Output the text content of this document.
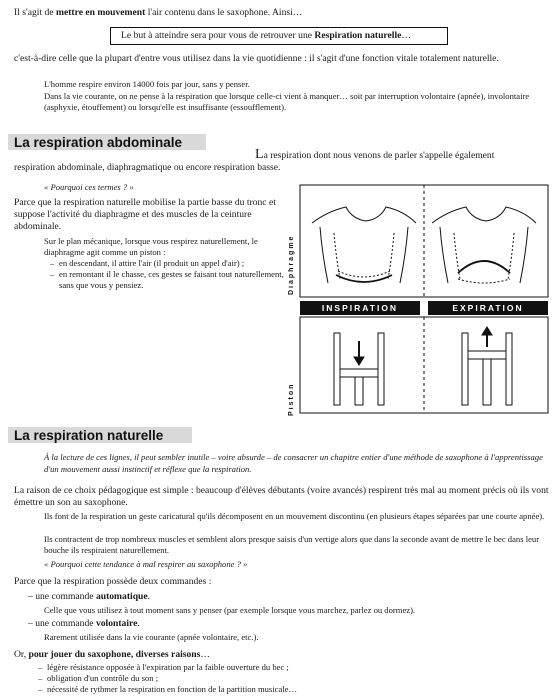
Il s'agit de mettre en mouvement l'air contenu dans le saxophone. Ainsi…
Le but à atteindre sera pour vous de retrouver une Respiration naturelle…
c'est-à-dire celle que la plupart d'entre vous utilisez dans la vie quotidienne : il s'agit d'une fonction vitale totalement naturelle.
L'homme respire environ 14000 fois par jour, sans y penser.
Dans la vie courante, on ne pense à la respiration que lorsque celle-ci vient à manquer… soit par interruption volontaire (apnée), involontaire (asphyxie, étouffement) ou lorsqu'elle est insuffisante (essoufflement).
La respiration abdominale
La respiration dont nous venons de parler s'appelle également
respiration abdominale, diaphragmatique ou encore respiration basse.
« Pourquoi ces termes ? »
Parce que la respiration naturelle mobilise la partie basse du tronc et suppose l'activité du diaphragme et des muscles de la ceinture abdominale.
Sur le plan mécanique, lorsque vous respirez naturellement, le diaphragme agit comme un piston :
– en descendant, il attire l'air (il produit un appel d'air) ;
– en remontant il le chasse, ces gestes se faisant tout naturellement, sans que vous y pensiez.	Diaphragme
Piston
INSPIRATION	EXPIRATION
La respiration naturelle
À la lecture de ces lignes, il peut sembler inutile – voire absurde – de consacrer un chapitre entier d'une méthode de saxophone à l'apprentissage d'un mouvement aussi instinctif et réflexe que la respiration.
La raison de ce choix pédagogique est simple : beaucoup d'élèves débutants (voire avancés) respirent très mal au moment précis où ils vont émettre un son au saxophone.
Ils font de la respiration un geste caricatural qu'ils décomposent en un mouvement discontinu (en plusieurs étapes séparées par une courte apnée).
Ils contractent de trop nombreux muscles et semblent alors presque saisis d'un vertige alors que dans la seconde avant de mettre le bec dans leur bouche ils respiraient naturellement.
« Pourquoi cette tendance à mal respirer au saxophone ? »
Parce que la respiration possède deux commandes :
– une commande automatique.
Celle que vous utilisez à tout moment sans y penser (par exemple lorsque vous marchez, parlez ou dormez).
– une commande volontaire.
Rarement utilisée dans la vie courante (apnée volontaire, etc.).
Or, pour jouer du saxophone, diverses raisons…
– légère résistance opposée à l'expiration par la faible ouverture du bec ;
– obligation d'un contrôle du son ;
– nécessité de rythmer la respiration en fonction de la partition musicale…
